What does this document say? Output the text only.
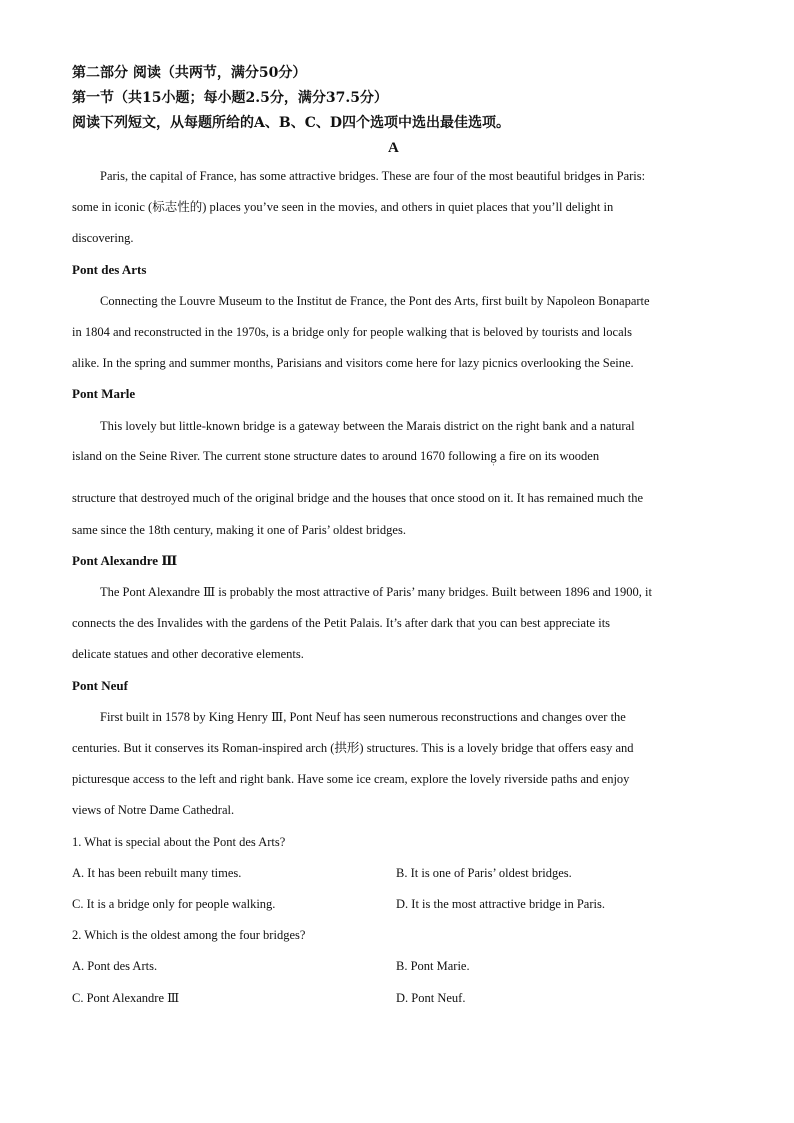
第二部分 阅读（共两节，满分50分）
第一节（共15小题；每小题2.5分，满分37.5分）
阅读下列短文，从每题所给的A、B、C、D四个选项中选出最佳选项。
A
Paris, the capital of France, has some attractive bridges. These are four of the most beautiful bridges in Paris:
some in iconic (标志性的) places you’ve seen in the movies, and others in quiet places that you’ll delight in
discovering.
Pont des Arts
Connecting the Louvre Museum to the Institut de France, the Pont des Arts, first built by Napoleon Bonaparte
in 1804 and reconstructed in the 1970s, is a bridge only for people walking that is beloved by tourists and locals
alike. In the spring and summer months, Parisians and visitors come here for lazy picnics overlooking the Seine.
Pont Marle
This lovely but little-known bridge is a gateway between the Marais district on the right bank and a natural
island on the Seine River. The current stone structure dates to around 1670 following a fire on its wooden
ˈ
structure that destroyed much of the original bridge and the houses that once stood on it. It has remained much the
same since the 18th century, making it one of Paris’ oldest bridges.
Pont Alexandre Ⅲ
The Pont Alexandre Ⅲ is probably the most attractive of Paris’ many bridges. Built between 1896 and 1900, it
connects the des Invalides with the gardens of the Petit Palais. It’s after dark that you can best appreciate its
delicate statues and other decorative elements.
Pont Neuf
First built in 1578 by King Henry Ⅲ, Pont Neuf has seen numerous reconstructions and changes over the
centuries. But it conserves its Roman-inspired arch (拱形) structures. This is a lovely bridge that offers easy and
picturesque access to the left and right bank. Have some ice cream, explore the lovely riverside paths and enjoy
views of Notre Dame Cathedral.
1. What is special about the Pont des Arts?
A. It has been rebuilt many times.	B. It is one of Paris’ oldest bridges.
C. It is a bridge only for people walking.	D. It is the most attractive bridge in Paris.
2. Which is the oldest among the four bridges?
A. Pont des Arts.	B. Pont Marie.
C. Pont Alexandre Ⅲ	D. Pont Neuf.
